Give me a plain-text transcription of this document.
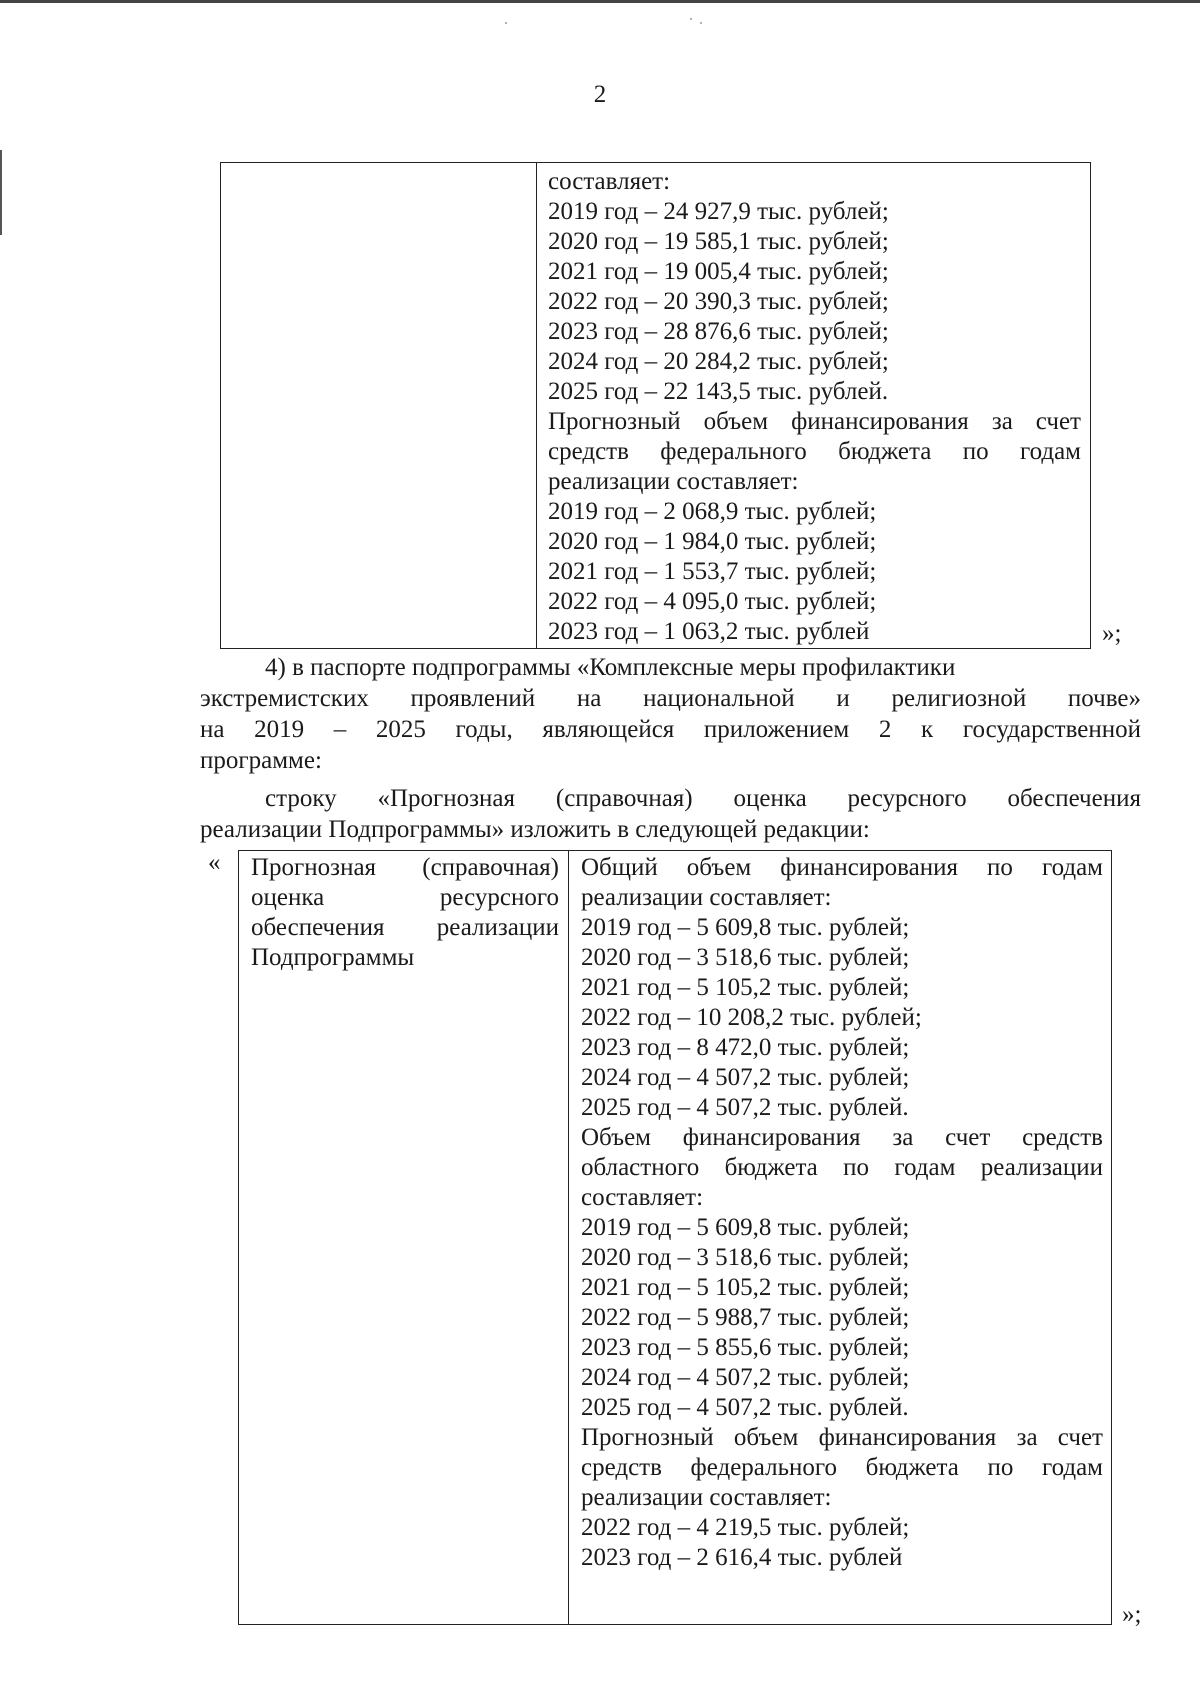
2
составляет:
2019 год – 24 927,9 тыс. рублей;
2020 год – 19 585,1 тыс. рублей;
2021 год – 19 005,4 тыс. рублей;
2022 год – 20 390,3 тыс. рублей;
2023 год – 28 876,6 тыс. рублей;
2024 год – 20 284,2 тыс. рублей;
2025 год – 22 143,5 тыс. рублей.
Прогнозный объем финансирования за счет
средств федерального бюджета по годам
реализации составляет:
2019 год – 2 068,9 тыс. рублей;
2020 год – 1 984,0 тыс. рублей;
2021 год – 1 553,7 тыс. рублей;
2022 год – 4 095,0 тыс. рублей;
2023 год – 1 063,2 тыс. рублей	»;
4) в паспорте подпрограммы «Комплексные меры профилактики
экстремистских проявлений на национальной и религиозной почве»
на 2019 – 2025 годы, являющейся приложением 2 к государственной
программе:
строку «Прогнозная (справочная) оценка ресурсного обеспечения
реализации Подпрограммы» изложить в следующей редакции:
« Прогнозная (справочная)
оценка ресурсного
обеспечения реализации
Подпрограммы
Общий объем финансирования по годам
реализации составляет:
2019 год – 5 609,8 тыс. рублей;
2020 год – 3 518,6 тыс. рублей;
2021 год – 5 105,2 тыс. рублей;
2022 год – 10 208,2 тыс. рублей;
2023 год – 8 472,0 тыс. рублей;
2024 год – 4 507,2 тыс. рублей;
2025 год – 4 507,2 тыс. рублей.
Объем финансирования за счет средств
областного бюджета по годам реализации
составляет:
2019 год – 5 609,8 тыс. рублей;
2020 год – 3 518,6 тыс. рублей;
2021 год – 5 105,2 тыс. рублей;
2022 год – 5 988,7 тыс. рублей;
2023 год – 5 855,6 тыс. рублей;
2024 год – 4 507,2 тыс. рублей;
2025 год – 4 507,2 тыс. рублей.
Прогнозный объем финансирования за счет
средств федерального бюджета по годам
реализации составляет:
2022 год – 4 219,5 тыс. рублей;
2023 год – 2 616,4 тыс. рублей
»;
